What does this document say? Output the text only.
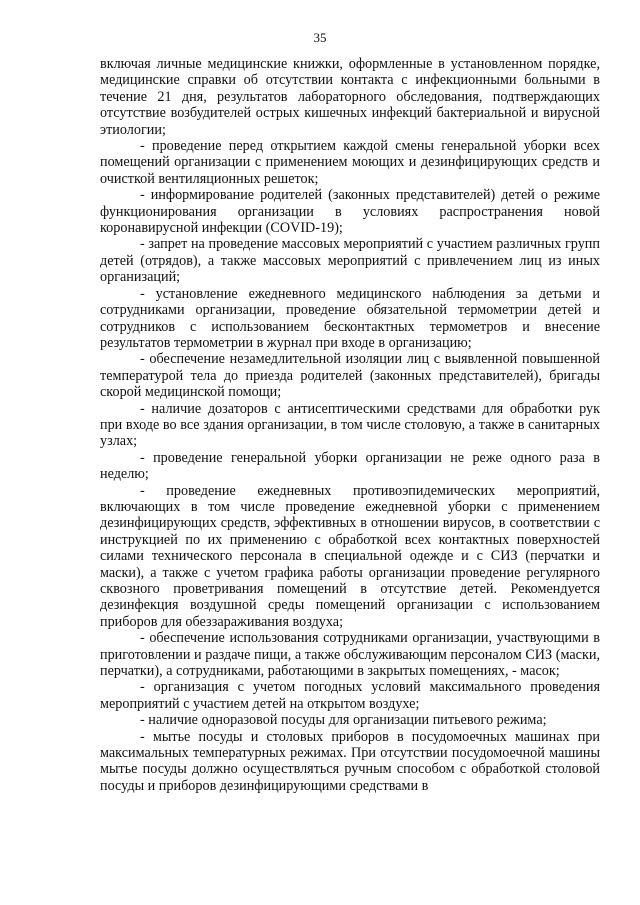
35

включая личные медицинские книжки, оформленные в установленном порядке, медицинские справки об отсутствии контакта с инфекционными больными в течение 21 дня, результатов лабораторного обследования, подтверждающих отсутствие возбудителей острых кишечных инфекций бактериальной и вирусной этиологии;

- проведение перед открытием каждой смены генеральной уборки всех помещений организации с применением моющих и дезинфицирующих средств и очисткой вентиляционных решеток;

- информирование родителей (законных представителей) детей о режиме функционирования организации в условиях распространения новой коронавирусной инфекции (COVID-19);

- запрет на проведение массовых мероприятий с участием различных групп детей (отрядов), а также массовых мероприятий с привлечением лиц из иных организаций;

- установление ежедневного медицинского наблюдения за детьми и сотрудниками организации, проведение обязательной термометрии детей и сотрудников с использованием бесконтактных термометров и внесение результатов термометрии в журнал при входе в организацию;

- обеспечение незамедлительной изоляции лиц с выявленной повышенной температурой тела до приезда родителей (законных представителей), бригады скорой медицинской помощи;

- наличие дозаторов с антисептическими средствами для обработки рук при входе во все здания организации, в том числе столовую, а также в санитарных узлах;

- проведение генеральной уборки организации не реже одного раза в неделю;

- проведение ежедневных противоэпидемических мероприятий, включающих в том числе проведение ежедневной уборки с применением дезинфицирующих средств, эффективных в отношении вирусов, в соответствии с инструкцией по их применению с обработкой всех контактных поверхностей силами технического персонала в специальной одежде и с СИЗ (перчатки и маски), а также с учетом графика работы организации проведение регулярного сквозного проветривания помещений в отсутствие детей. Рекомендуется дезинфекция воздушной среды помещений организации с использованием приборов для обеззараживания воздуха;

- обеспечение использования сотрудниками организации, участвующими в приготовлении и раздаче пищи, а также обслуживающим персоналом СИЗ (маски, перчатки), а сотрудниками, работающими в закрытых помещениях, - масок;

- организация с учетом погодных условий максимального проведения мероприятий с участием детей на открытом воздухе;

- наличие одноразовой посуды для организации питьевого режима;

- мытье посуды и столовых приборов в посудомоечных машинах при максимальных температурных режимах. При отсутствии посудомоечной машины мытье посуды должно осуществляться ручным способом с обработкой столовой посуды и приборов дезинфицирующими средствами в
